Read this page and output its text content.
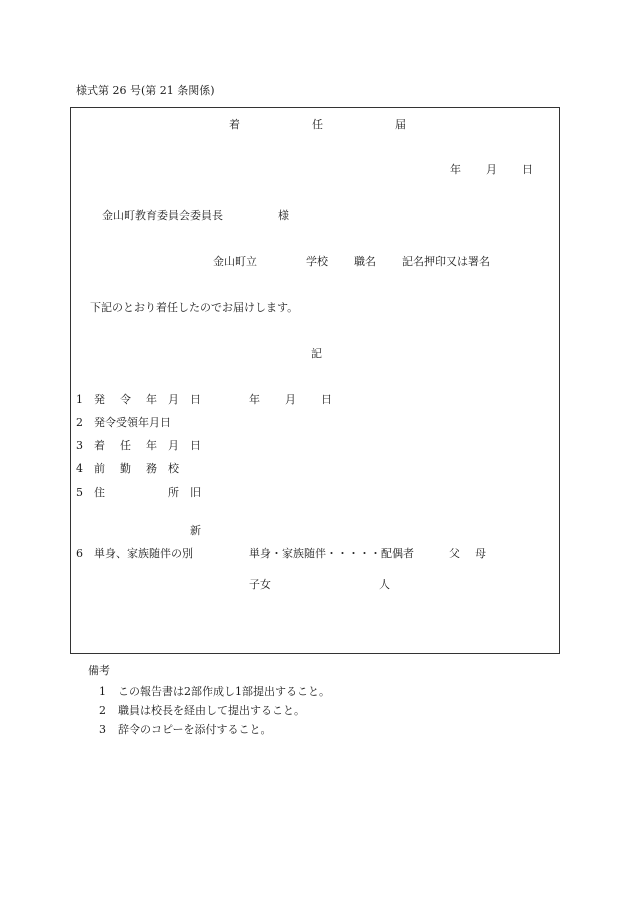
様式第 26 号(第 21 条関係)
着	任	届
年 月 日
金山町教育委員会委員長	様
金山町立	学校 職名 記名押印又は署名
下記のとおり着任したのでお届けします。
記
1 発 令 年 月 日	年 月 日
2 発令受領年月日
3 着 任 年 月 日
4 前 勤 務 校
5 住	所 旧
新
6 単身、家族随伴の別	単身・家族随伴・・・・・配偶者	父 母
子女	人
備考
1 この報告書は2部作成し1部提出すること。
2 職員は校長を経由して提出すること。
3 辞令のコピーを添付すること。
